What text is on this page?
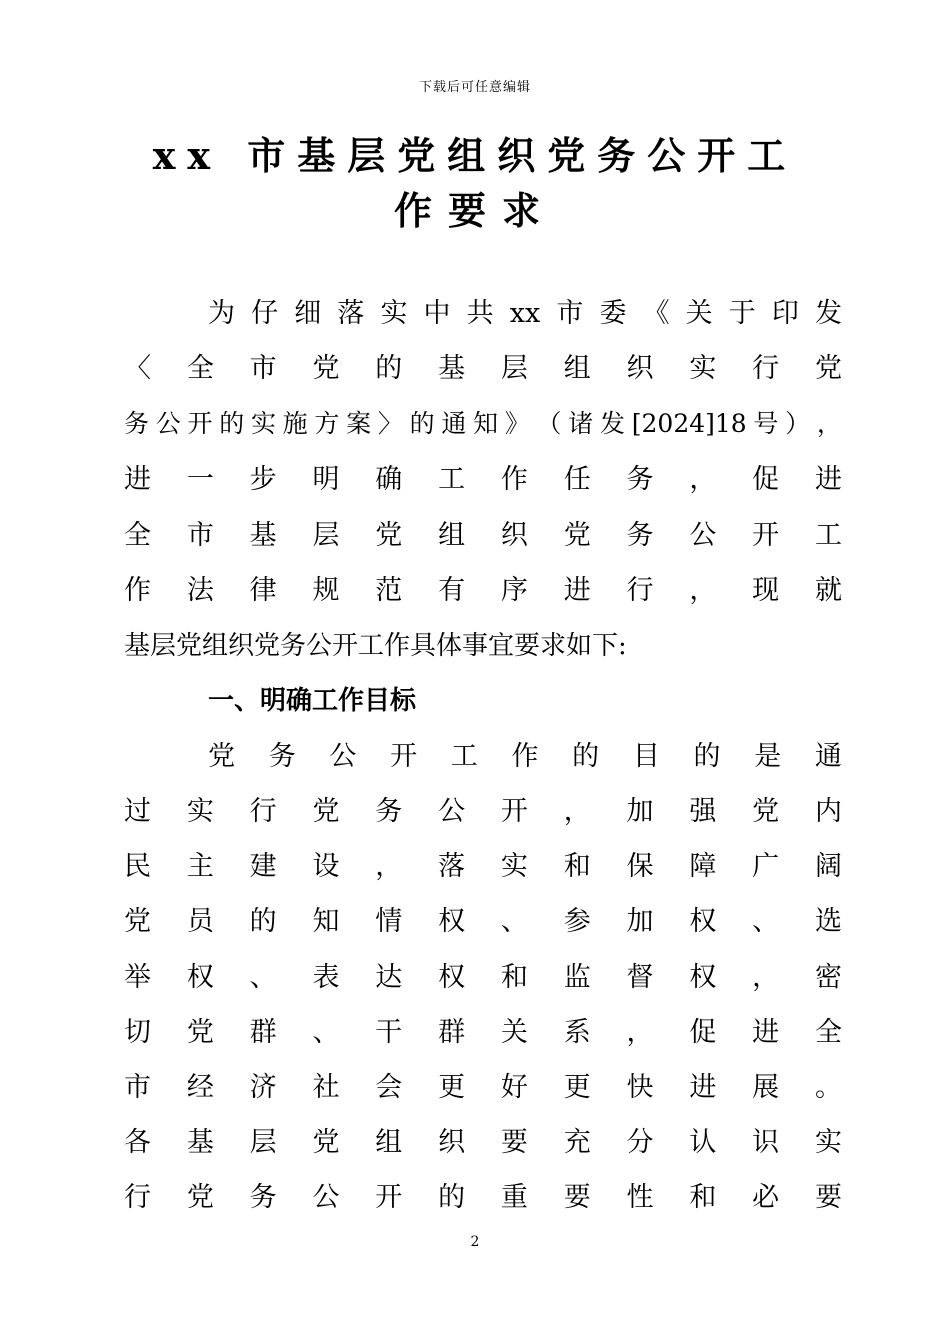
下载后可任意编辑
xx 市基层党组织党务公开工
作要求
为 仔 细 落 实 中 共 xx 市 委 《 关 于 印 发
〈 全 市 党 的 基 层 组 织 实 行 党
务 公 开 的 实 施 方 案 〉 的 通 知 》 （ 诸 发 [2024]18 号 ） ，
进 一 步 明 确 工 作 任 务 ， 促 进
全 市 基 层 党 组 织 党 务 公 开 工
作 法 律 规 范 有 序 进 行 ， 现 就
基层党组织党务公开工作具体事宜要求如下:
一、明确工作目标
党 务 公 开 工 作 的 目 的 是 通
过 实 行 党 务 公 开 ， 加 强 党 内
民 主 建 设 ， 落 实 和 保 障 广 阔
党 员 的 知 情 权 、 参 加 权 、 选
举 权 、 表 达 权 和 监 督 权 ， 密
切 党 群 、 干 群 关 系 ， 促 进 全
市 经 济 社 会 更 好 更 快 进 展 。
各 基 层 党 组 织 要 充 分 认 识 实
行 党 务 公 开 的 重 要 性 和 必 要
2
